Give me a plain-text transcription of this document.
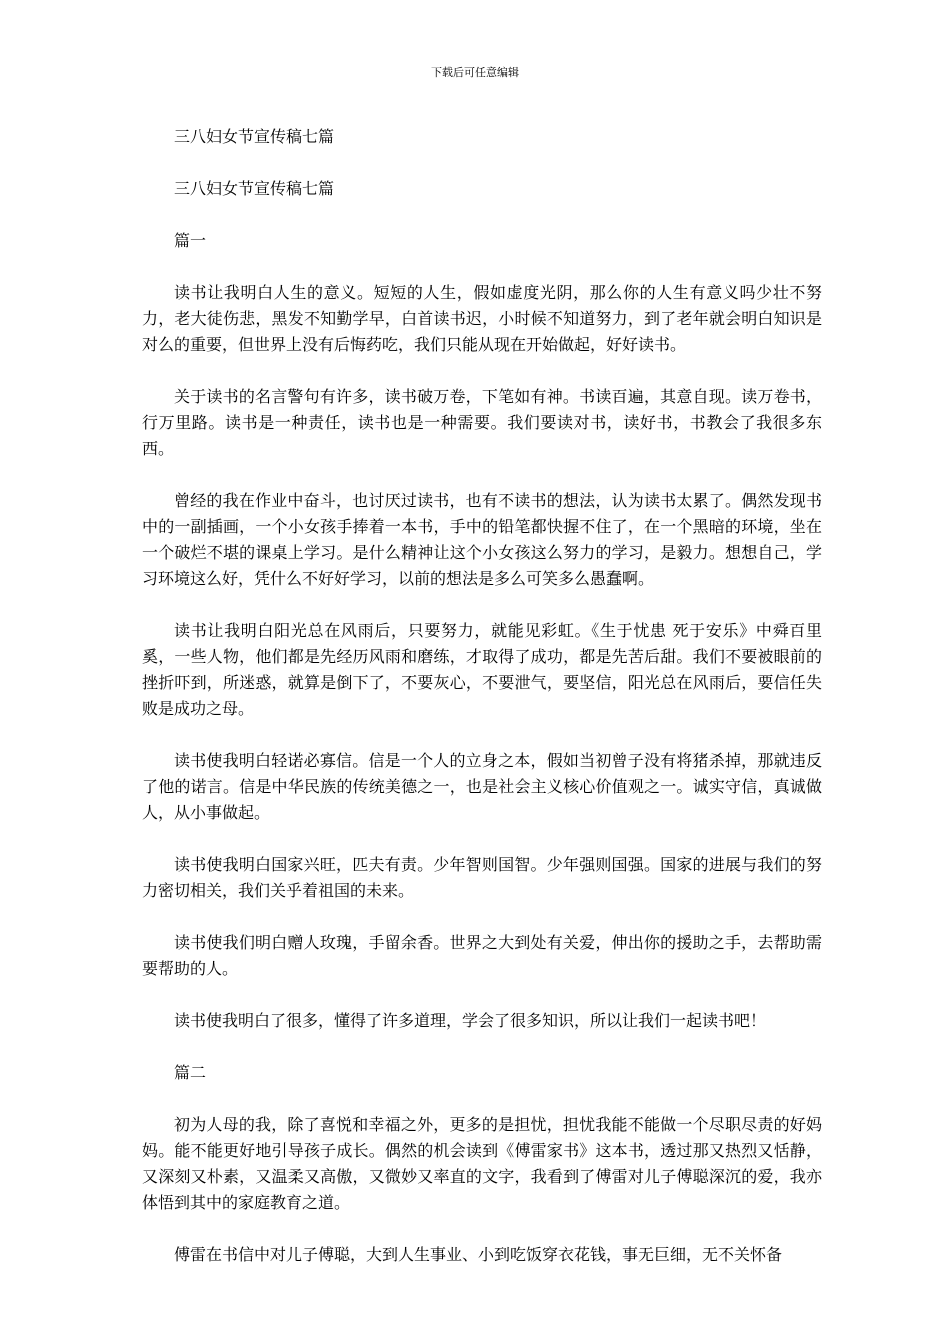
下载后可任意编辑

三八妇女节宣传稿七篇

三八妇女节宣传稿七篇

篇一

读书让我明白人生的意义。短短的人生，假如虚度光阴，那么你的人生有意义吗少壮不努力，老大徒伤悲，黑发不知勤学早，白首读书迟，小时候不知道努力，到了老年就会明白知识是对么的重要，但世界上没有后悔药吃，我们只能从现在开始做起，好好读书。

关于读书的名言警句有许多，读书破万卷，下笔如有神。书读百遍，其意自现。读万卷书，行万里路。读书是一种责任，读书也是一种需要。我们要读对书，读好书，书教会了我很多东西。

曾经的我在作业中奋斗，也讨厌过读书，也有不读书的想法，认为读书太累了。偶然发现书中的一副插画，一个小女孩手捧着一本书，手中的铅笔都快握不住了，在一个黑暗的环境，坐在一个破烂不堪的课桌上学习。是什么精神让这个小女孩这么努力的学习，是毅力。想想自己，学习环境这么好，凭什么不好好学习，以前的想法是多么可笑多么愚蠢啊。

读书让我明白阳光总在风雨后，只要努力，就能见彩虹。《生于忧患 死于安乐》中舜百里奚，一些人物，他们都是先经历风雨和磨练，才取得了成功，都是先苦后甜。我们不要被眼前的挫折吓到，所迷惑，就算是倒下了，不要灰心，不要泄气，要坚信，阳光总在风雨后，要信任失败是成功之母。

读书使我明白轻诺必寡信。信是一个人的立身之本，假如当初曾子没有将猪杀掉，那就违反了他的诺言。信是中华民族的传统美德之一，也是社会主义核心价值观之一。诚实守信，真诚做人，从小事做起。

读书使我明白国家兴旺，匹夫有责。少年智则国智。少年强则国强。国家的进展与我们的努力密切相关，我们关乎着祖国的未来。

读书使我们明白赠人玫瑰，手留余香。世界之大到处有关爱，伸出你的援助之手，去帮助需要帮助的人。

读书使我明白了很多，懂得了许多道理，学会了很多知识，所以让我们一起读书吧！

篇二

初为人母的我，除了喜悦和幸福之外，更多的是担忧，担忧我能不能做一个尽职尽责的好妈妈。能不能更好地引导孩子成长。偶然的机会读到《傅雷家书》这本书，透过那又热烈又恬静，又深刻又朴素，又温柔又高傲，又微妙又率直的文字，我看到了傅雷对儿子傅聪深沉的爱，我亦体悟到其中的家庭教育之道。

傅雷在书信中对儿子傅聪，大到人生事业、小到吃饭穿衣花钱，事无巨细，无不关怀备
